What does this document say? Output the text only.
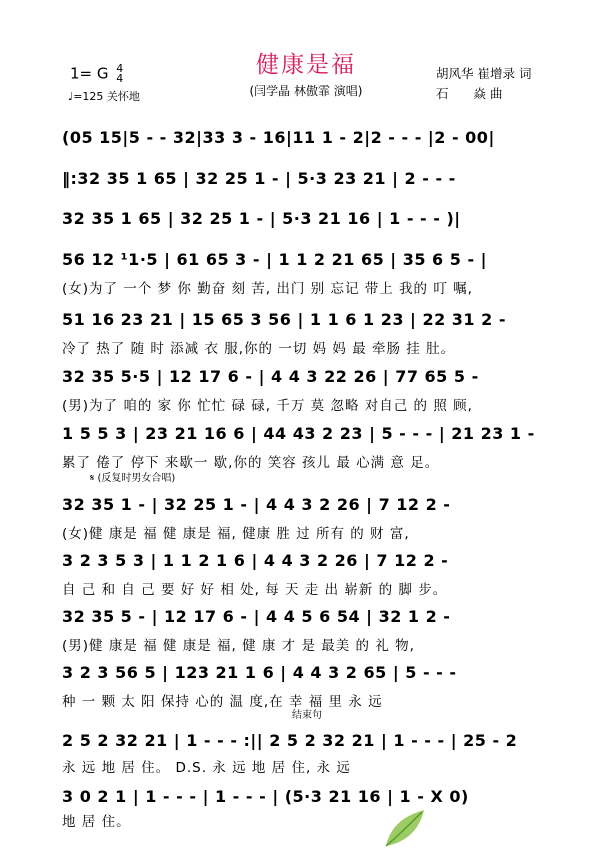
健康是福
(闫学晶 林傲霏 演唱)
1= G 4
4
♩=125 关怀地
胡风华 崔增录 词
石　　焱 曲
(05 15|5 - - 32|33 3 - 16|11 1 - 2|2 - - - |2 - 00|
‖:32 35 1 65 | 32 25 1 - | 5·3 23 21 | 2 - - -
32 35 1 65 | 32 25 1 - | 5·3 21 16 | 1 - - - )|
56 12 ¹1·5 | 61 65 3 - | 1 1 2 21 65 | 35 6 5 - |
(女)为了 一个 梦 你 勤奋 刻 苦, 出门 别 忘记 带上 我的 叮 嘱,
51 16 23 21 | 15 65 3 56 | 1 1 6 1 23 | 22 31 2 -
冷了 热了 随 时 添减 衣 服,你的 一切 妈 妈 最 牵肠 挂 肚。
32 35 5·5 | 12 17 6 - | 4 4 3 22 26 | 77 65 5 -
(男)为了 咱的 家 你 忙忙 碌 碌, 千万 莫 忽略 对自己 的 照 顾,
1 5 5 3 | 23 21 16 6 | 44 43 2 23 | 5 - - - | 21 23 1 -
累了 倦了 停下 来歇一 歇,你的 笑容 孩儿 最 心满 意 足。
𝄋 (反复时男女合唱)
32 35 1 - | 32 25 1 - | 4 4 3 2 26 | 7 12 2 -
(女)健 康是 福 健 康是 福, 健康 胜 过 所有 的 财 富,
3 2 3 5 3 | 1 1 2 1 6 | 4 4 3 2 26 | 7 12 2 -
自 己 和 自 己 要 好 好 相 处, 每 天 走 出 崭新 的 脚 步。
32 35 5 - | 12 17 6 - | 4 4 5 6 54 | 32 1 2 -
(男)健 康是 福 健 康是 福, 健 康 才 是 最美 的 礼 物,
3 2 3 56 5 | 123 21 1 6 | 4 4 3 2 65 | 5 - - -
种 一 颗 太 阳 保持 心的 温 度,在 幸 福 里 永 远
结束句
2 5 2 32 21 | 1 - - - :|| 2 5 2 32 21 | 1 - - - | 25 - 2
永 远 地 居 住。 D.S. 永 远 地 居 住, 永 远
3 0 2 1 | 1 - - - | 1 - - - | (5·3 21 16 | 1 - X 0)
地 居 住。
